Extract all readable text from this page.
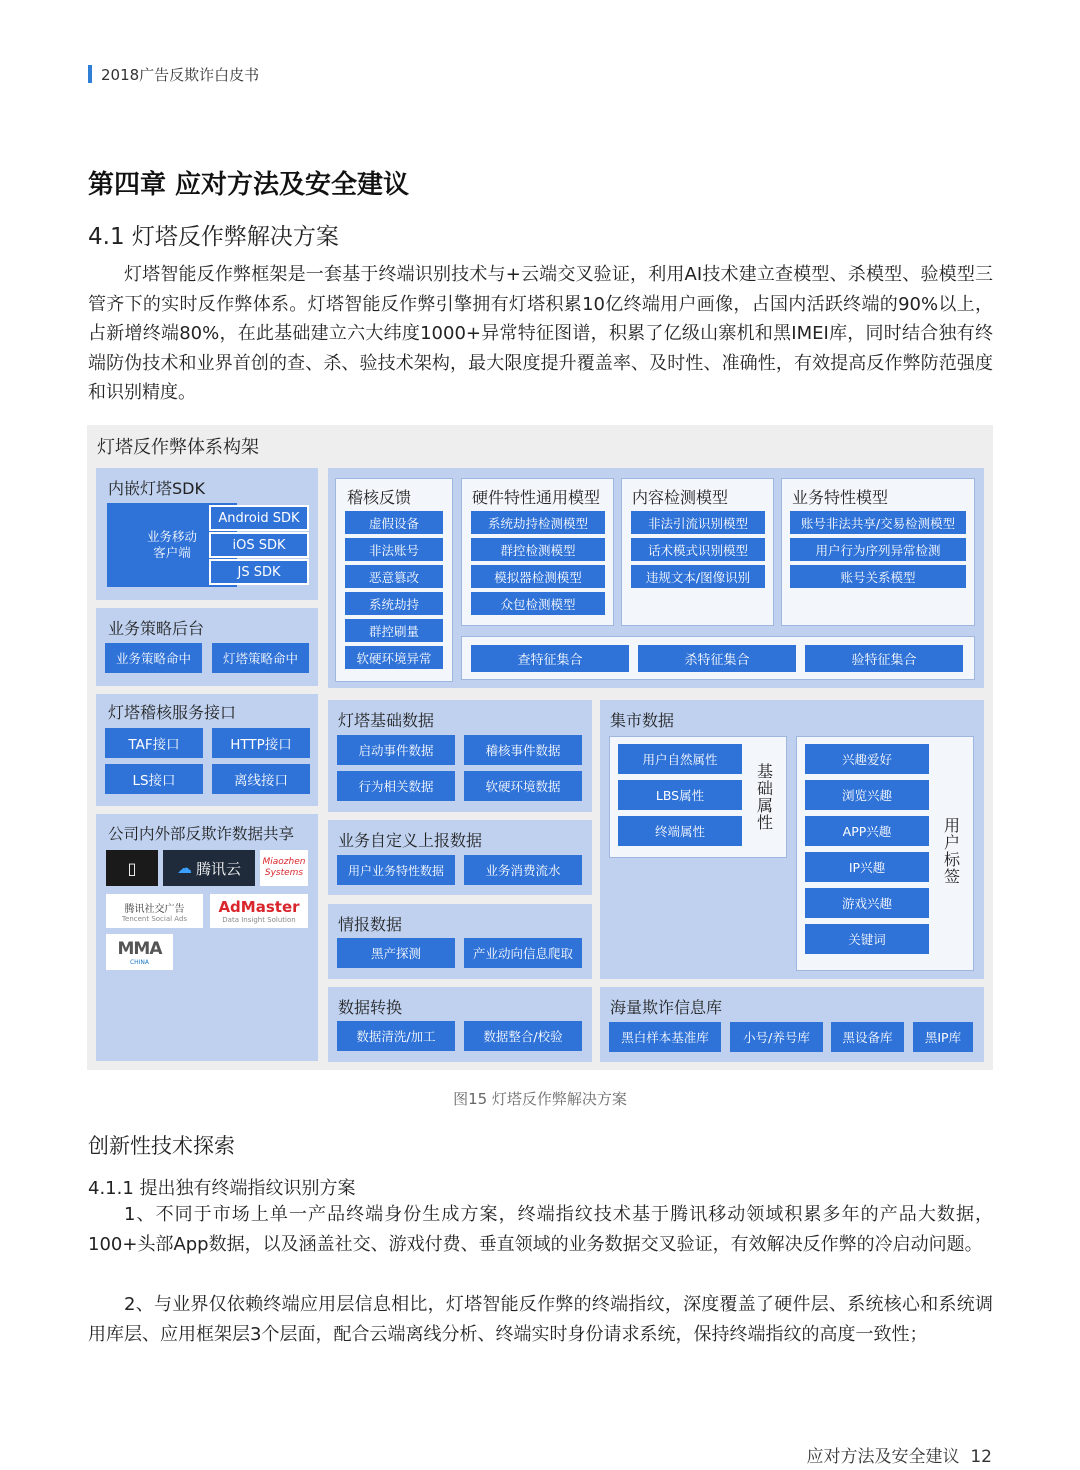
2018广告反欺诈白皮书
第四章 应对方法及安全建议
4.1 灯塔反作弊解决方案

灯塔智能反作弊框架是一套基于终端识别技术与+云端交叉验证，利用AI技术建立查模型、杀模型、验模型三管齐下的实时反作弊体系。灯塔智能反作弊引擎拥有灯塔积累10亿终端用户画像，占国内活跃终端的90%以上，占新增终端80%，在此基础建立六大纬度1000+异常特征图谱，积累了亿级山寨机和黑IMEI库，同时结合独有终端防伪技术和业界首创的查、杀、验技术架构，最大限度提升覆盖率、及时性、准确性，有效提高反作弊防范强度和识别精度。

灯塔反作弊体系构架
内嵌灯塔SDK
业务移动
客户端
Android SDK
iOS SDK
JS SDK
业务策略后台
业务策略命中	灯塔策略命中
灯塔稽核服务接口
TAF接口	HTTP接口
LS接口	离线接口
公司内外部反欺诈数据共享
▯	☁ 腾讯云 Miaozhen Systems
腾讯社交广告
Tencent Social Ads
AdMaster
Data Insight Solution
MMA
CHINA
稽核反馈
虚假设备
非法账号
恶意篡改
系统劫持
群控刷量
软硬环境异常
硬件特性通用模型
系统劫持检测模型
群控检测模型
模拟器检测模型
众包检测模型
内容检测模型
非法引流识别模型
话术模式识别模型
违规文本/图像识别
业务特性模型
账号非法共享/交易检测模型
用户行为序列异常检测
账号关系模型
查特征集合	杀特征集合	验特征集合
灯塔基础数据
启动事件数据	稽核事件数据
行为相关数据	软硬环境数据
业务自定义上报数据
用户业务特性数据	业务消费流水
情报数据
黑产探测	产业动向信息爬取
数据转换
数据清洗/加工	数据整合/校验
集市数据
用户自然属性
LBS属性
终端属性
基础属性
兴趣爱好
浏览兴趣
APP兴趣
IP兴趣
游戏兴趣
关键词
用户标签
海量欺诈信息库
黑白样本基准库	小号/养号库	黑设备库	黑IP库
图15 灯塔反作弊解决方案
创新性技术探索
4.1.1 提出独有终端指纹识别方案

1、不同于市场上单一产品终端身份生成方案，终端指纹技术基于腾讯移动领域积累多年的产品大数据，100+头部App数据，以及涵盖社交、游戏付费、垂直领域的业务数据交叉验证，有效解决反作弊的冷启动问题。

2、与业界仅依赖终端应用层信息相比，灯塔智能反作弊的终端指纹，深度覆盖了硬件层、系统核心和系统调用库层、应用框架层3个层面，配合云端离线分析、终端实时身份请求系统，保持终端指纹的高度一致性；

应对方法及安全建议 12
